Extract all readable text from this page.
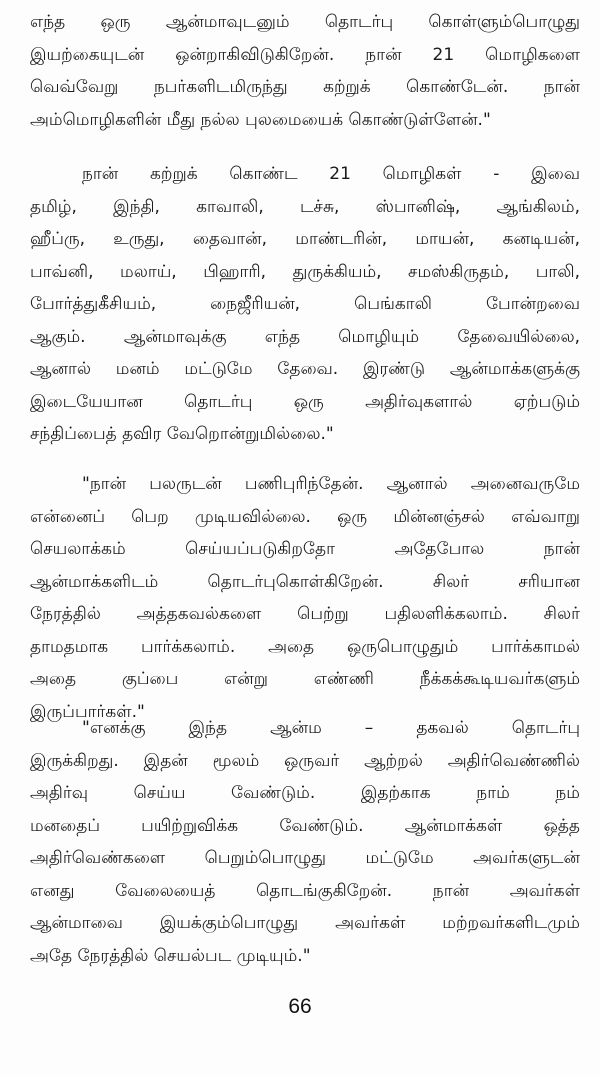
எந்த ஒரு ஆன்மாவுடனும் தொடர்பு கொள்ளும்பொழுது
இயற்கையுடன் ஒன்றாகிவிடுகிறேன். நான் 21 மொழிகளை
வெவ்வேறு நபர்களிடமிருந்து கற்றுக் கொண்டேன். நான்
அம்மொழிகளின் மீது நல்ல புலமையைக் கொண்டுள்ளேன்."
நான் கற்றுக் கொண்ட 21 மொழிகள் - இவை
தமிழ், இந்தி, காவாலி, டச்சு, ஸ்பானிஷ், ஆங்கிலம்,
ஹீப்ரு, உருது, தைவான், மாண்டரின், மாயன், கனடியன்,
பாவ்னி, மலாய், பிஹாரி, துருக்கியம், சமஸ்கிருதம், பாலி,
போர்த்துகீசியம், நைஜீரியன், பெங்காலி போன்றவை
ஆகும். ஆன்மாவுக்கு எந்த மொழியும் தேவையில்லை,
ஆனால் மனம் மட்டுமே தேவை. இரண்டு ஆன்மாக்களுக்கு
இடையேயான தொடர்பு ஒரு அதிர்வுகளால் ஏற்படும்
சந்திப்பைத் தவிர வேறொன்றுமில்லை."
"நான் பலருடன் பணிபுரிந்தேன். ஆனால் அனைவருமே
என்னைப் பெற முடியவில்லை. ஒரு மின்னஞ்சல் எவ்வாறு
செயலாக்கம் செய்யப்படுகிறதோ அதேபோல நான்
ஆன்மாக்களிடம் தொடர்புகொள்கிறேன். சிலர் சரியான
நேரத்தில் அத்தகவல்களை பெற்று பதிலளிக்கலாம். சிலர்
தாமதமாக பார்க்கலாம். அதை ஒருபொழுதும் பார்க்காமல்
அதை குப்பை என்று எண்ணி நீக்கக்கூடியவர்களும்
இருப்பார்கள்."
"எனக்கு இந்த ஆன்ம – தகவல் தொடர்பு
இருக்கிறது. இதன் மூலம் ஒருவர் ஆற்றல் அதிர்வெண்ணில்
அதிர்வு செய்ய வேண்டும். இதற்காக நாம் நம்
மனதைப் பயிற்றுவிக்க வேண்டும். ஆன்மாக்கள் ஒத்த
அதிர்வெண்களை பெறும்பொழுது மட்டுமே அவர்களுடன்
எனது வேலையைத் தொடங்குகிறேன். நான் அவர்கள்
ஆன்மாவை இயக்கும்பொழுது அவர்கள் மற்றவர்களிடமும்
அதே நேரத்தில் செயல்பட முடியும்."
66
